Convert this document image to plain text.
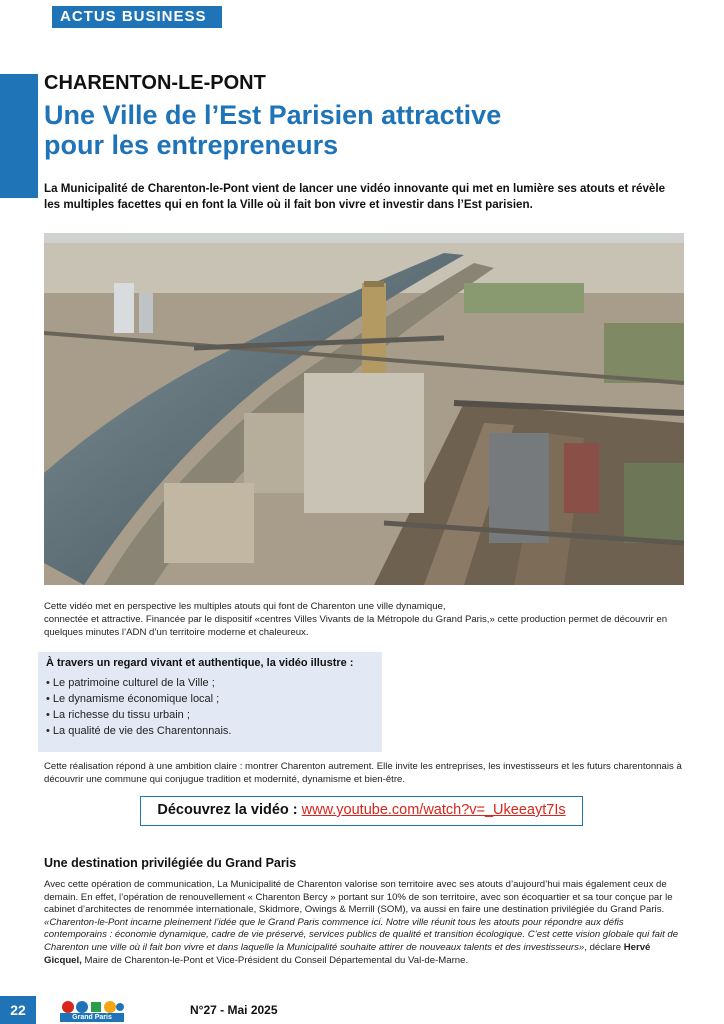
ACTUS BUSINESS
CHARENTON-LE-PONT
Une Ville de l’Est Parisien attractive
pour les entrepreneurs
La Municipalité de Charenton-le-Pont vient de lancer une vidéo innovante qui met en lumière ses atouts et révèle les multiples facettes qui en font la Ville où il fait bon vivre et investir dans l’Est parisien.

Cette vidéo met en perspective les multiples atouts qui font de Charenton une ville dynamique,

connectée et attractive. Financée par le dispositif «centres Villes Vivants de la Métropole du Grand Paris,» cette production permet de découvrir en quelques minutes l’ADN d’un territoire moderne et chaleureux.

À travers un regard vivant et authentique, la vidéo illustre :
• Le patrimoine culturel de la Ville ;
• Le dynamisme économique local ;
• La richesse du tissu urbain ;
• La qualité de vie des Charentonnais.
Cette réalisation répond à une ambition claire : montrer Charenton autrement. Elle invite les entreprises, les investisseurs et les futurs charentonnais à découvrir une commune qui conjugue tradition et modernité, dynamisme et bien-être.
Découvrez la vidéo : www.youtube.com/watch?v=_Ukeeayt7Is
Une destination privilégiée du Grand Paris

Avec cette opération de communication, La Municipalité de Charenton valorise son territoire avec ses atouts d’aujourd’hui mais également ceux de demain. En effet, l’opération de renouvellement « Charenton Bercy » portant sur 10% de son territoire, avec son écoquartier et sa tour conçue par le cabinet d’architectes de renommée internationale, Skidmore, Owings & Merrill (SOM), va aussi en faire une destination privilégiée du Grand Paris.

«Charenton-le-Pont incarne pleinement l’idée que le Grand Paris commence ici. Notre ville réunit tous les atouts pour répondre aux défis contemporains : économie dynamique, cadre de vie préservé, services publics de qualité et transition écologique. C’est cette vision globale qui fait de Charenton une ville où il fait bon vivre et dans laquelle la Municipalité souhaite attirer de nouveaux talents et des investisseurs», déclare Hervé Gicquel, Maire de Charenton-le-Pont et Vice-Président du Conseil Départemental du Val-de-Marne.

22	Grand Paris
N°27 - Mai 2025
